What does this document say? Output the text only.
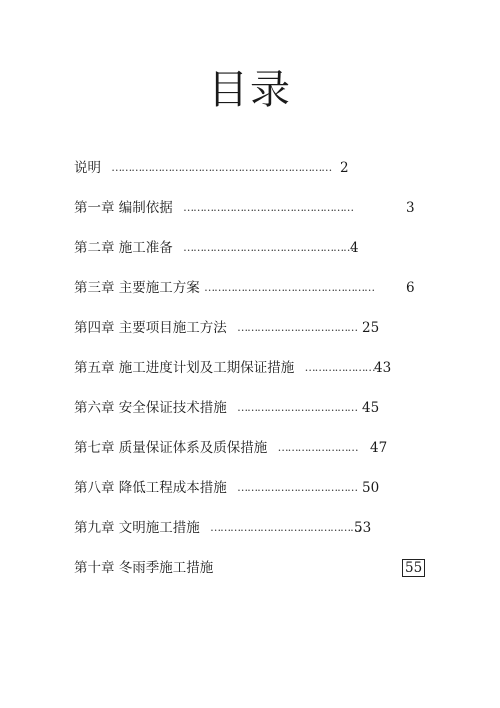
目录
说明 ………………………………………………………… 2
第一章 编制依据 ……………………………………………	3
第二章 施工准备 ……………………………………………
4
第三章 主要施工方案 …………………………………………… 6
第四章 主要项目施工方法 ……………………………… 25
第五章 施工进度计划及工期保证措施 ………………… 43
第六章 安全保证技术措施 ……………………………… 45
第七章 质量保证体系及质保措施 …………………… 47
第八章 降低工程成本措施 ……………………………… 50
第九章 文明施工措施 ………………………………………
53
第十章 冬雨季施工措施	55
